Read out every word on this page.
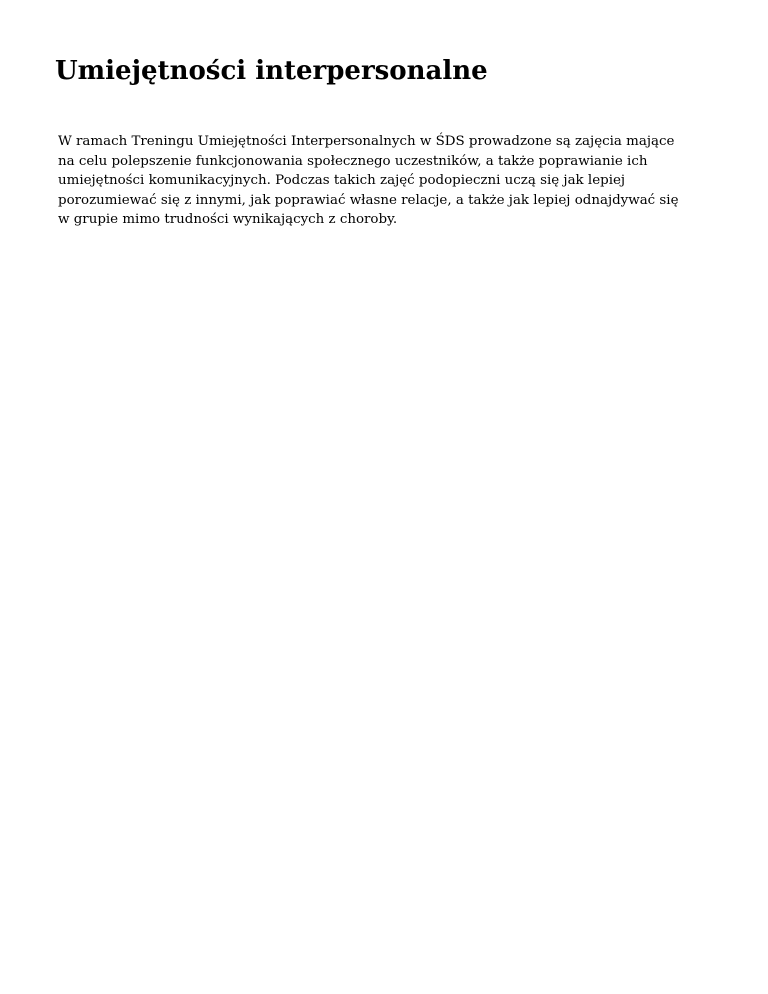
Umiejętności interpersonalne

W ramach Treningu Umiejętności Interpersonalnych w ŚDS prowadzone są zajęcia mające
na celu polepszenie funkcjonowania społecznego uczestników, a także poprawianie ich
umiejętności komunikacyjnych. Podczas takich zajęć podopieczni uczą się jak lepiej
porozumiewać się z innymi, jak poprawiać własne relacje, a także jak lepiej odnajdywać się
w grupie mimo trudności wynikających z choroby.
